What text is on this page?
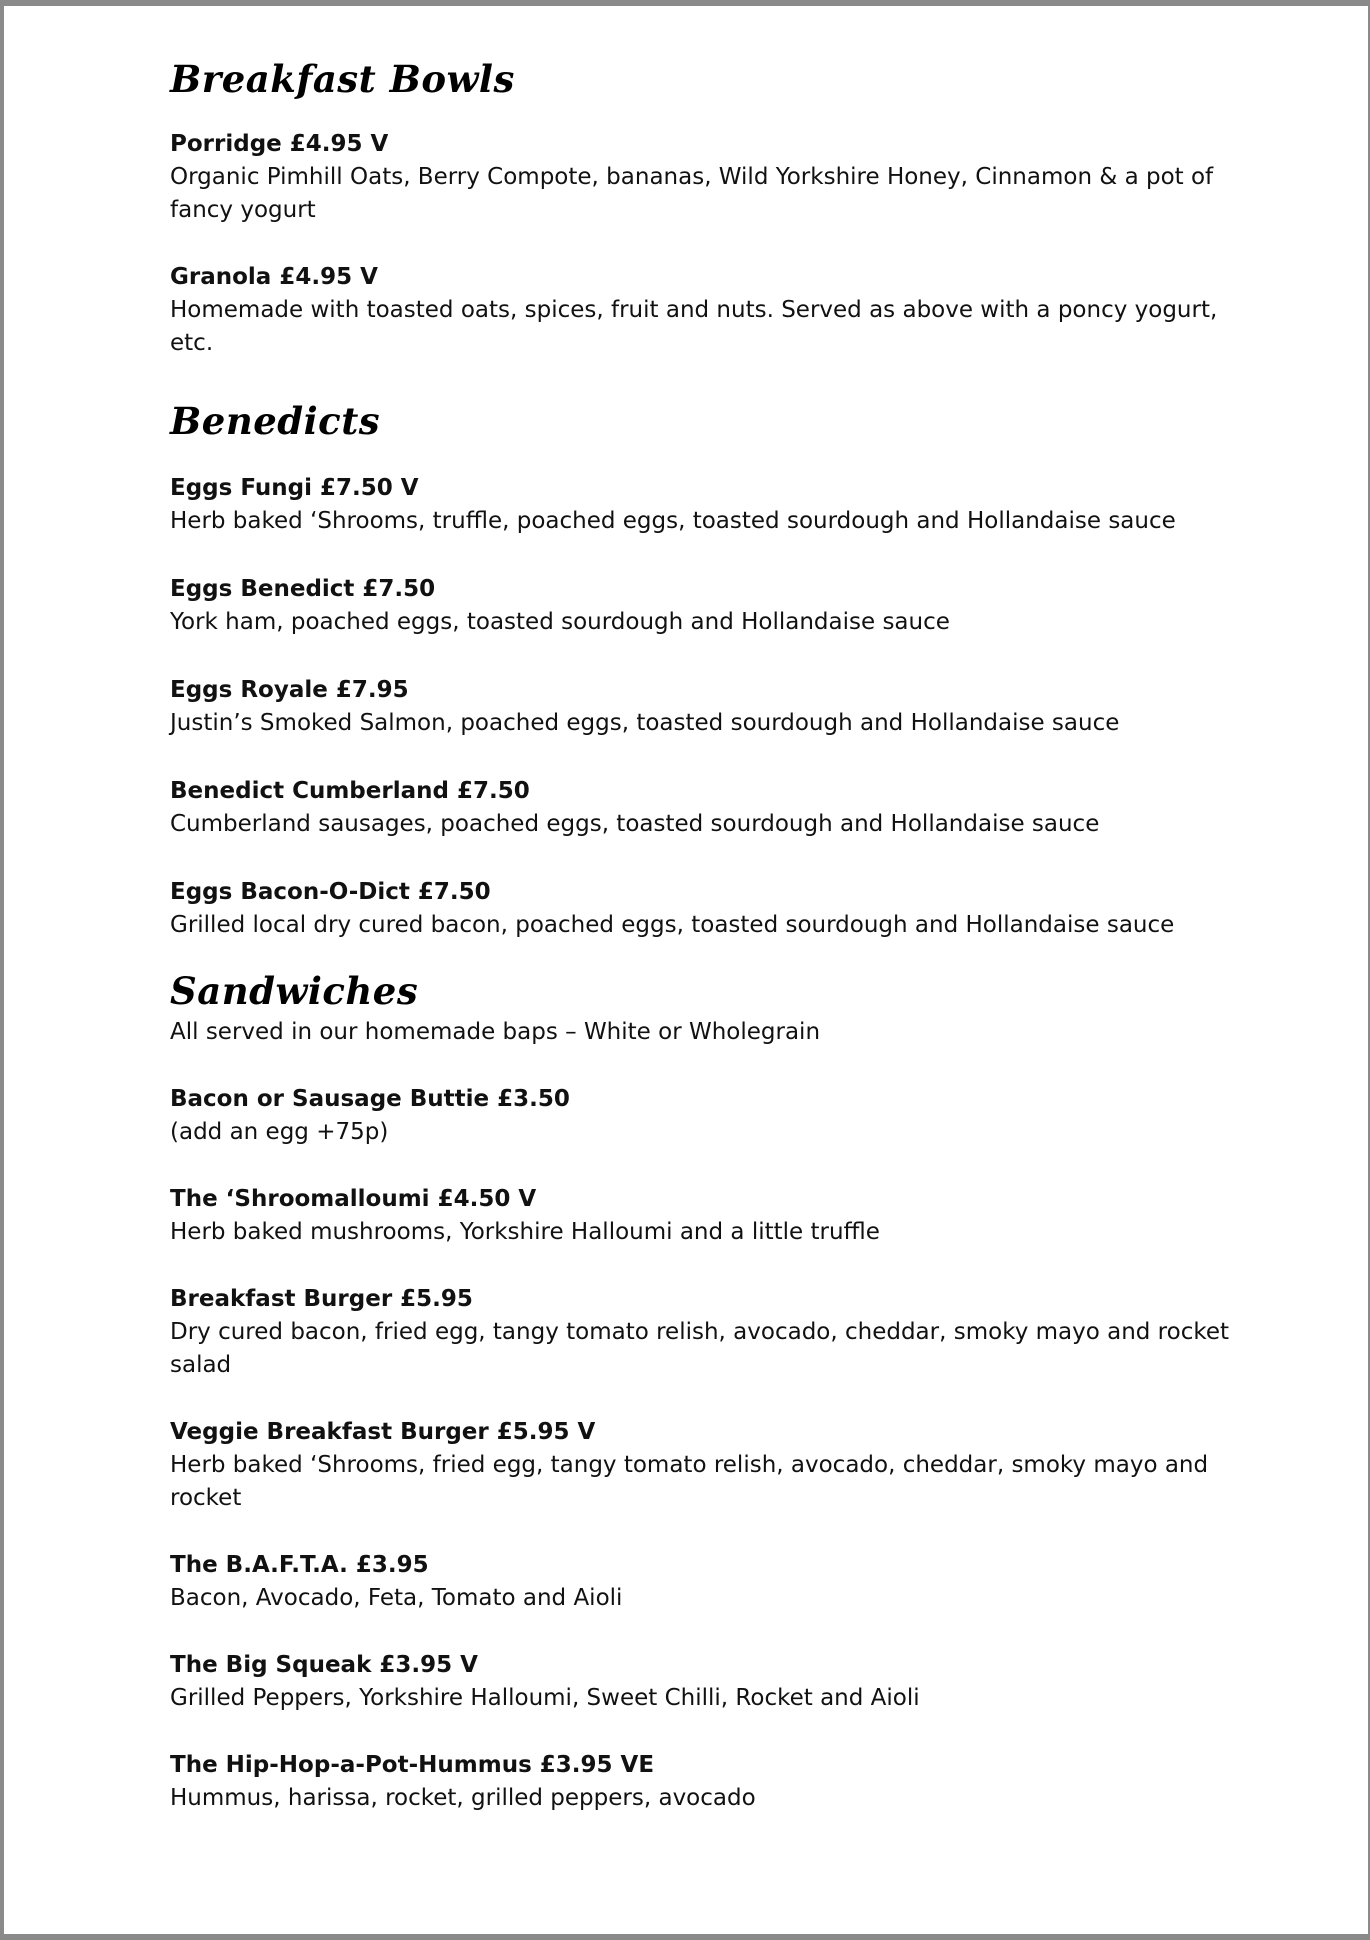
Breakfast Bowls

Porridge £4.95 V

Organic Pimhill Oats, Berry Compote, bananas, Wild Yorkshire Honey, Cinnamon & a pot of fancy yogurt

Granola £4.95 V

Homemade with toasted oats, spices, fruit and nuts. Served as above with a poncy yogurt, etc.

Benedicts

Eggs Fungi £7.50 V

Herb baked ‘Shrooms, truffle, poached eggs, toasted sourdough and Hollandaise sauce

Eggs Benedict £7.50

York ham, poached eggs, toasted sourdough and Hollandaise sauce

Eggs Royale £7.95

Justin’s Smoked Salmon, poached eggs, toasted sourdough and Hollandaise sauce

Benedict Cumberland £7.50

Cumberland sausages, poached eggs, toasted sourdough and Hollandaise sauce

Eggs Bacon-O-Dict £7.50

Grilled local dry cured bacon, poached eggs, toasted sourdough and Hollandaise sauce

Sandwiches

All served in our homemade baps – White or Wholegrain

Bacon or Sausage Buttie £3.50

(add an egg +75p)

The ‘Shroomalloumi £4.50 V

Herb baked mushrooms, Yorkshire Halloumi and a little truffle

Breakfast Burger £5.95

Dry cured bacon, fried egg, tangy tomato relish, avocado, cheddar, smoky mayo and rocket salad

Veggie Breakfast Burger £5.95 V

Herb baked ‘Shrooms, fried egg, tangy tomato relish, avocado, cheddar, smoky mayo and rocket

The B.A.F.T.A. £3.95

Bacon, Avocado, Feta, Tomato and Aioli

The Big Squeak £3.95 V

Grilled Peppers, Yorkshire Halloumi, Sweet Chilli, Rocket and Aioli

The Hip-Hop-a-Pot-Hummus £3.95 VE

Hummus, harissa, rocket, grilled peppers, avocado
